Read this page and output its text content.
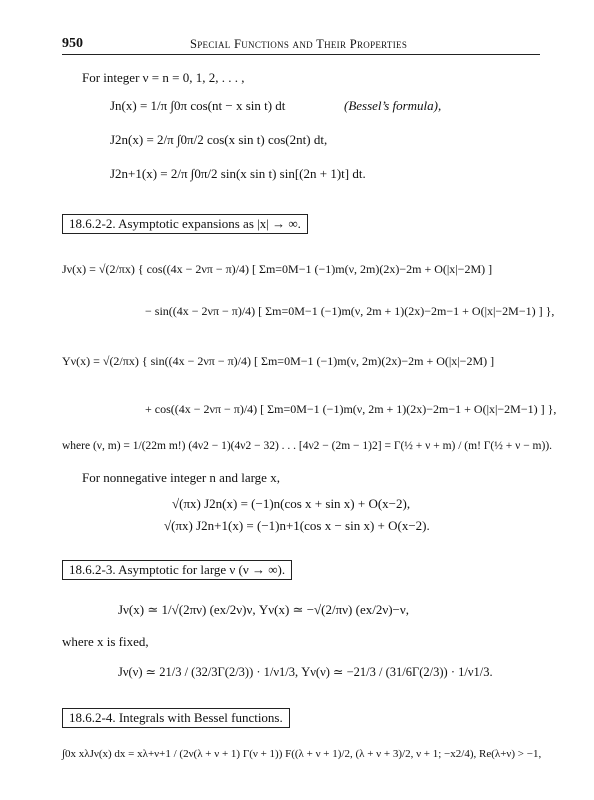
950	Special Functions and Their Properties
For integer ν = n = 0, 1, 2, . . . ,
Jn(x) = 1/π ∫0π cos(nt − x sin t) dt	(Bessel’s formula),
J2n(x) = 2/π ∫0π/2 cos(x sin t) cos(2nt) dt,
J2n+1(x) = 2/π ∫0π/2 sin(x sin t) sin[(2n + 1)t] dt.
18.6.2-2. Asymptotic expansions as |x| → ∞.
Jν(x) = √(2/πx) { cos((4x − 2νπ − π)/4) [ Σm=0M−1 (−1)m(ν, 2m)(2x)−2m + O(|x|−2M) ]
− sin((4x − 2νπ − π)/4) [ Σm=0M−1 (−1)m(ν, 2m + 1)(2x)−2m−1 + O(|x|−2M−1) ] },
Yν(x) = √(2/πx) { sin((4x − 2νπ − π)/4) [ Σm=0M−1 (−1)m(ν, 2m)(2x)−2m + O(|x|−2M) ]
+ cos((4x − 2νπ − π)/4) [ Σm=0M−1 (−1)m(ν, 2m + 1)(2x)−2m−1 + O(|x|−2M−1) ] },
where (ν, m) = 1/(22m m!) (4ν2 − 1)(4ν2 − 32) . . . [4ν2 − (2m − 1)2] = Γ(½ + ν + m) / (m! Γ(½ + ν − m)).
For nonnegative integer n and large x,
√(πx) J2n(x) = (−1)n(cos x + sin x) + O(x−2),
√(πx) J2n+1(x) = (−1)n+1(cos x − sin x) + O(x−2).
18.6.2-3. Asymptotic for large ν (ν → ∞).
Jν(x) ≃ 1/√(2πν) (ex/2ν)ν, Yν(x) ≃ −√(2/πν) (ex/2ν)−ν,
where x is fixed,
Jν(ν) ≃ 21/3 / (32/3Γ(2/3)) · 1/ν1/3, Yν(ν) ≃ −21/3 / (31/6Γ(2/3)) · 1/ν1/3.
18.6.2-4. Integrals with Bessel functions.
∫0x xλJν(x) dx = xλ+ν+1 / (2ν(λ + ν + 1) Γ(ν + 1)) F((λ + ν + 1)/2, (λ + ν + 3)/2, ν + 1; −x2/4), Re(λ+ν) > −1,
